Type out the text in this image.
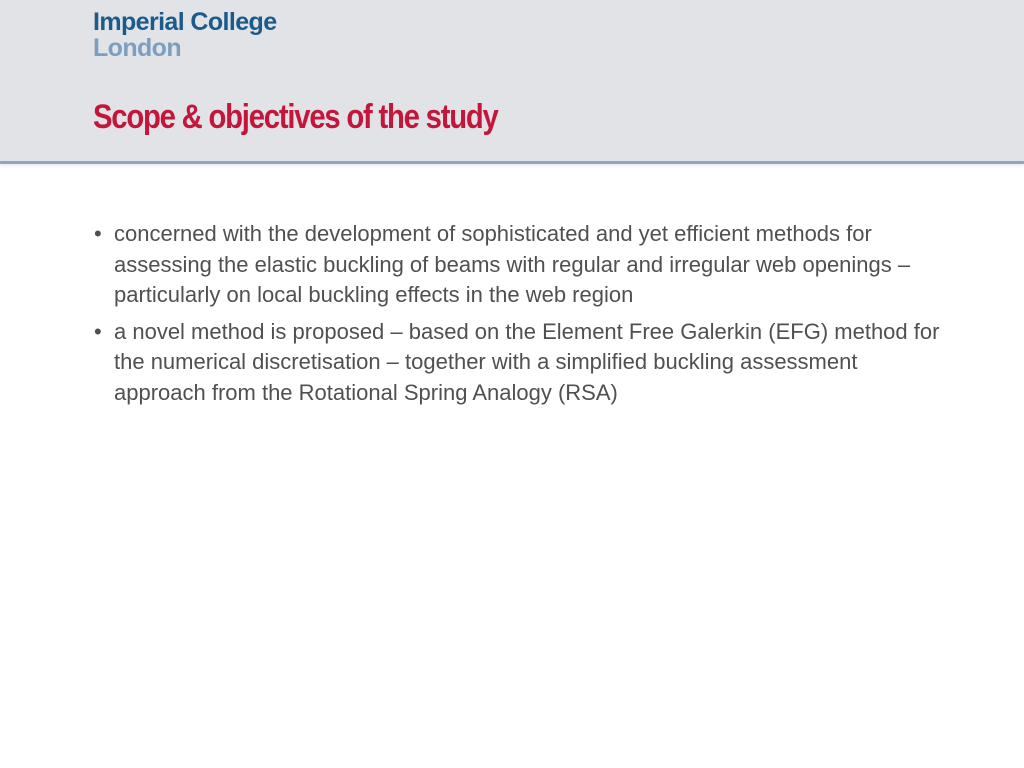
Imperial College
London
Scope & objectives of the study
• concerned with the development of sophisticated and yet efficient methods for assessing the elastic buckling of beams with regular and irregular web openings – particularly on local buckling effects in the web region
• a novel method is proposed – based on the Element Free Galerkin (EFG) method for the numerical discretisation – together with a simplified buckling assessment approach from the Rotational Spring Analogy (RSA)
